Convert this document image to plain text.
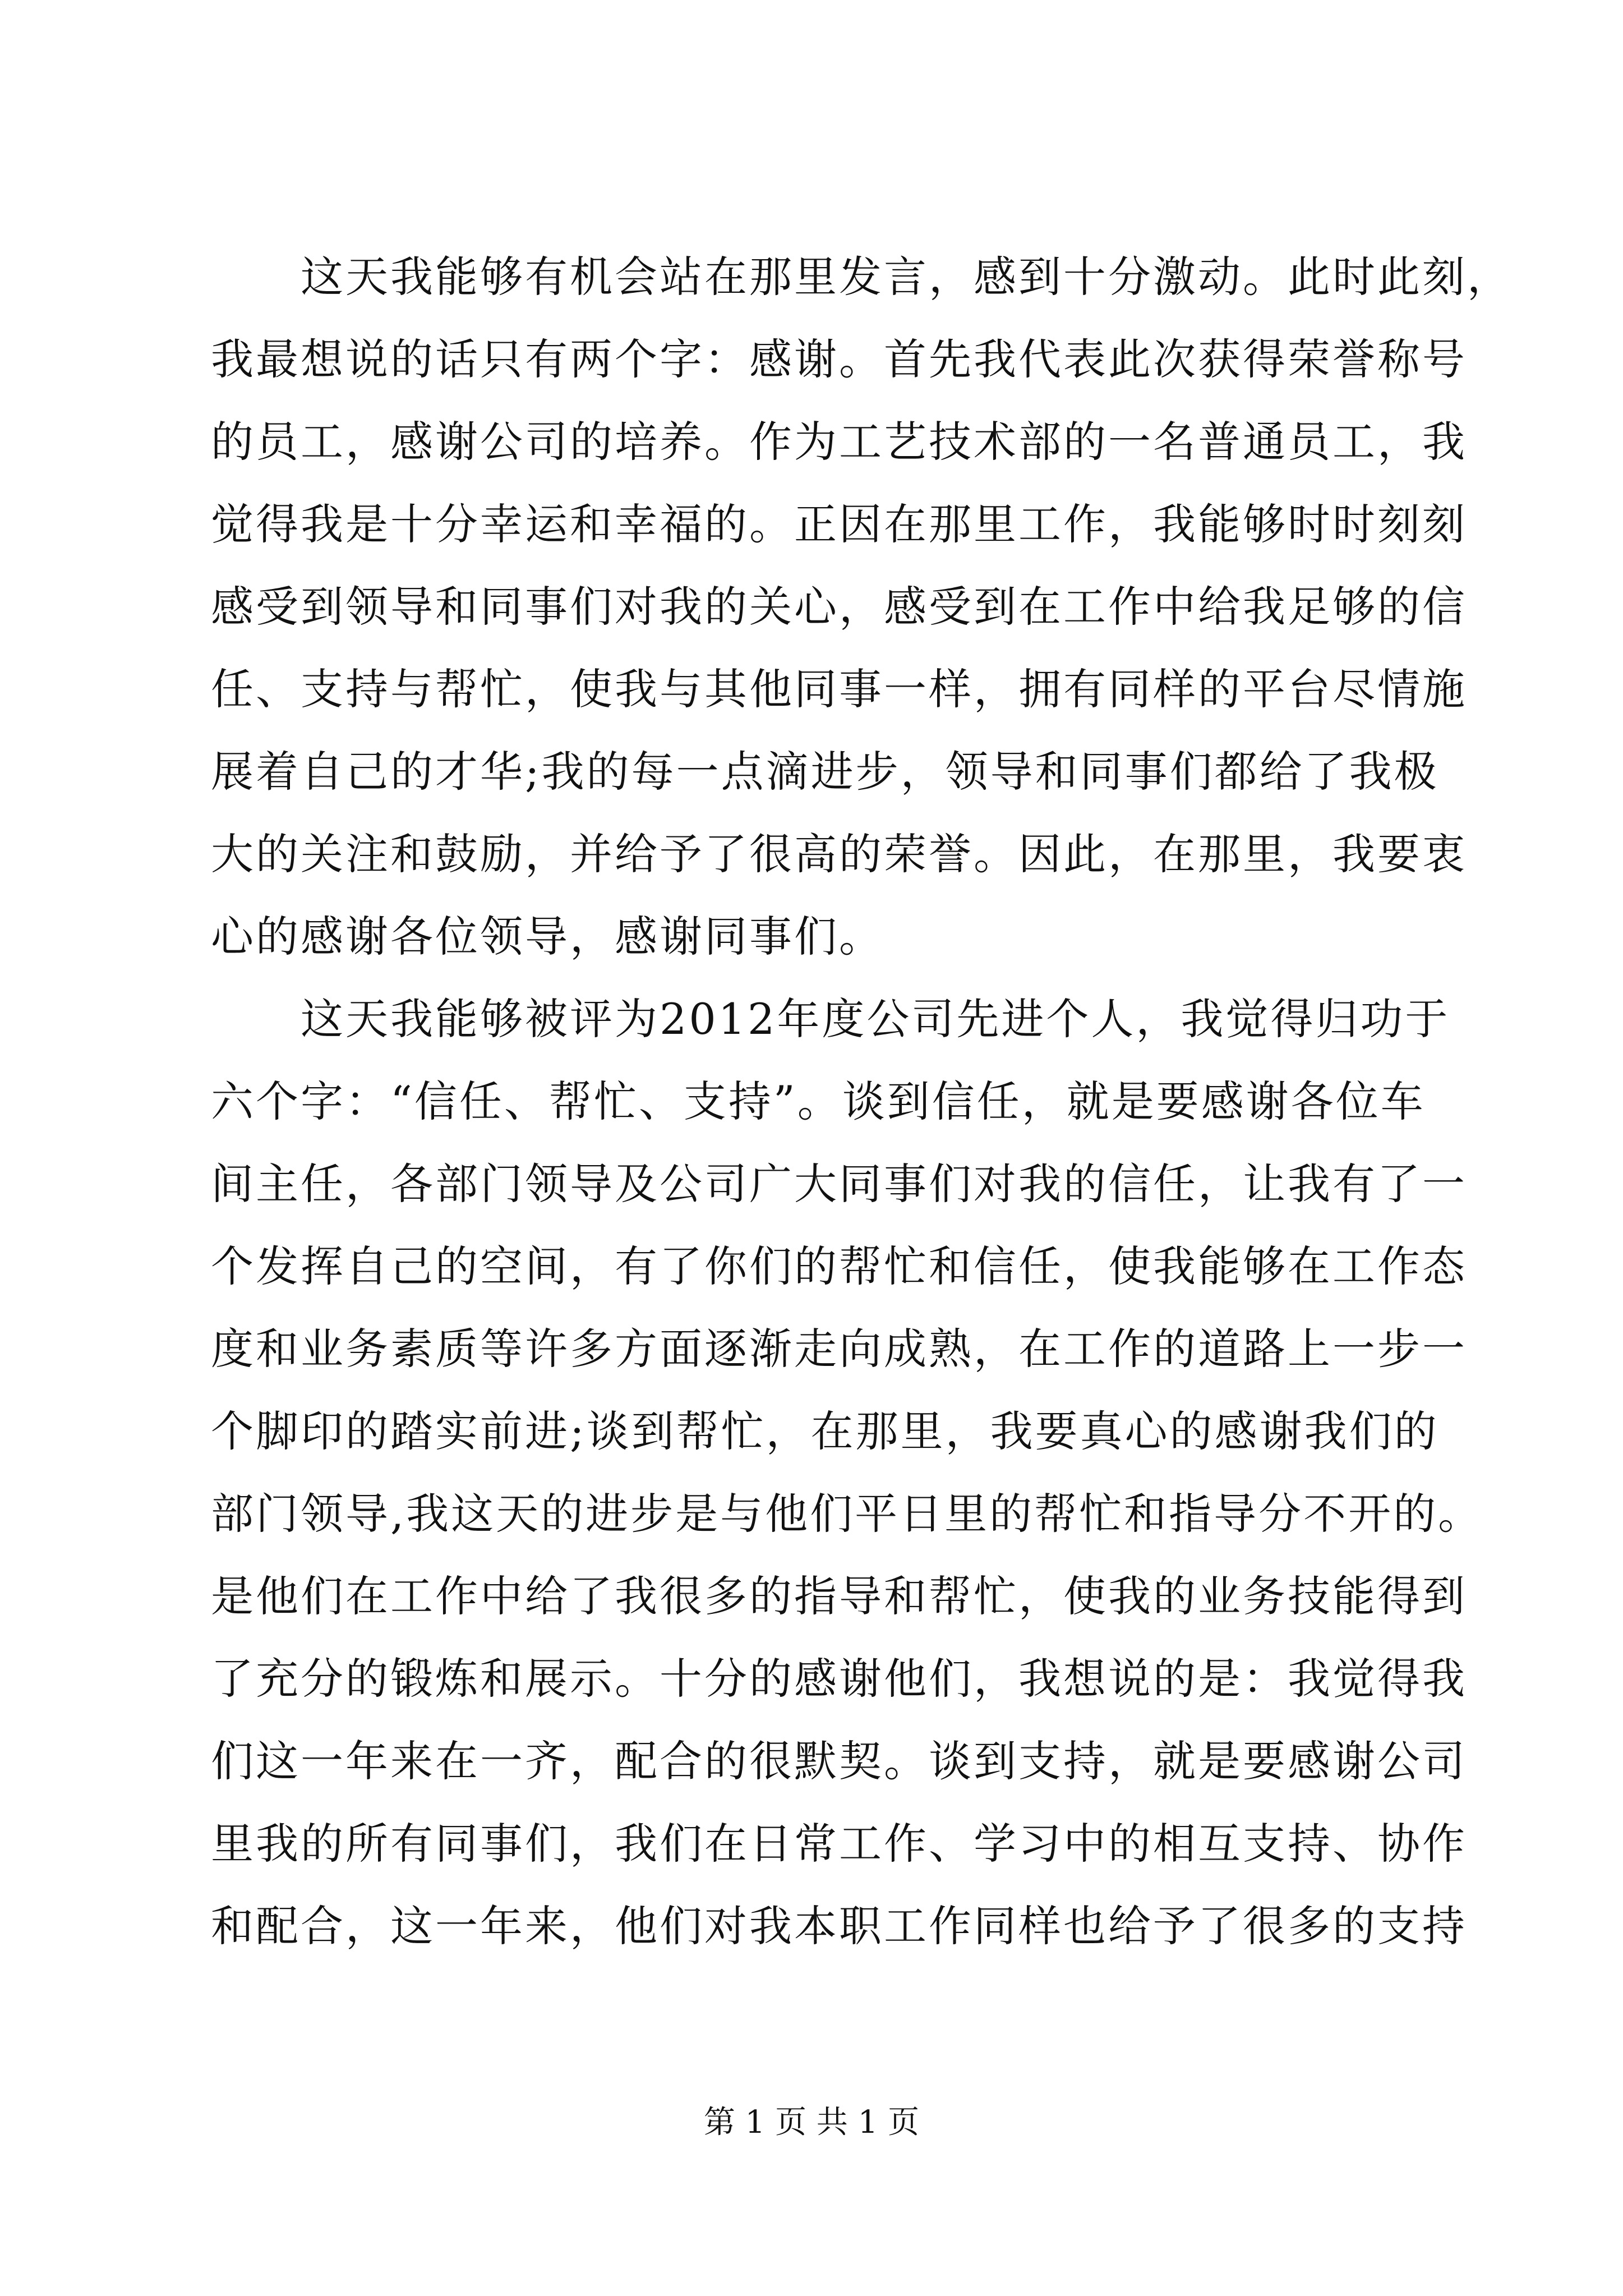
　　这天我能够有机会站在那里发言，感到十分激动。此时此刻，
我最想说的话只有两个字：感谢。首先我代表此次获得荣誉称号
的员工，感谢公司的培养。作为工艺技术部的一名普通员工，我
觉得我是十分幸运和幸福的。正因在那里工作，我能够时时刻刻
感受到领导和同事们对我的关心，感受到在工作中给我足够的信
任、支持与帮忙，使我与其他同事一样，拥有同样的平台尽情施
展着自己的才华;我的每一点滴进步，领导和同事们都给了我极
大的关注和鼓励，并给予了很高的荣誉。因此，在那里，我要衷
心的感谢各位领导，感谢同事们。
　　这天我能够被评为2012年度公司先进个人，我觉得归功于
六个字：“信任、帮忙、支持”。谈到信任，就是要感谢各位车
间主任，各部门领导及公司广大同事们对我的信任，让我有了一
个发挥自己的空间，有了你们的帮忙和信任，使我能够在工作态
度和业务素质等许多方面逐渐走向成熟，在工作的道路上一步一
个脚印的踏实前进;谈到帮忙，在那里，我要真心的感谢我们的
部门领导,我这天的进步是与他们平日里的帮忙和指导分不开的。
是他们在工作中给了我很多的指导和帮忙，使我的业务技能得到
了充分的锻炼和展示。十分的感谢他们，我想说的是：我觉得我
们这一年来在一齐，配合的很默契。谈到支持，就是要感谢公司
里我的所有同事们，我们在日常工作、学习中的相互支持、协作
和配合，这一年来，他们对我本职工作同样也给予了很多的支持
第 1 页 共 1 页
